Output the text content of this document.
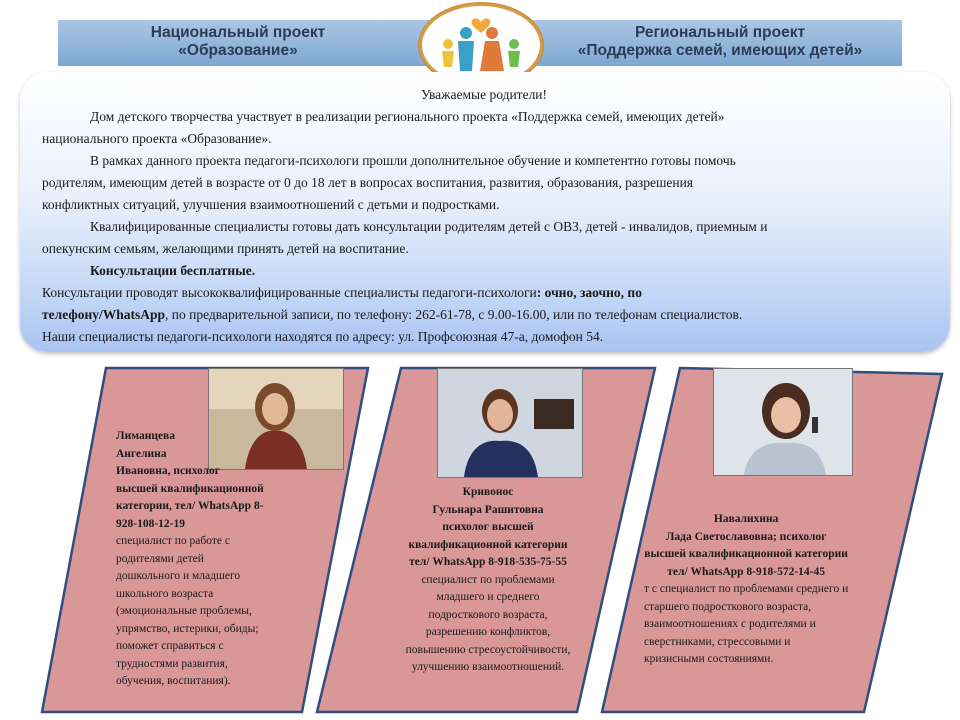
Национальный проект
«Образование»
Региональный проект
«Поддержка семей, имеющих детей»

Уважаемые родители!

Дом детского творчества участвует в реализации регионального проекта «Поддержка семей, имеющих детей»

национального проекта «Образование».

В рамках данного проекта педагоги-психологи прошли дополнительное обучение и компетентно готовы помочь

родителям, имеющим детей в возрасте от 0 до 18 лет в вопросах воспитания, развития, образования, разрешения

конфликтных ситуаций, улучшения взаимоотношений с детьми и подростками.

Квалифицированные специалисты готовы дать консультации родителям детей с ОВЗ, детей - инвалидов, приемным и

опекунским семьям, желающими принять детей на воспитание.

Консультации бесплатные.

Консультации проводят высококвалифицированные специалисты педагоги-психологи: очно, заочно, по

телефону/WhatsApp, по предварительной записи, по телефону: 262-61-78, с 9.00-16.00, или по телефонам специалистов.

Наши специалисты педагоги-психологи находятся по адресу: ул. Профсоюзная 47-а, домофон 54.

Лиманцева
Ангелина
Ивановна, психолог
высшей квалификационной
категории, тел/ WhatsApp 8-
928-108-12-19
специалист по работе с
родителями детей
дошкольного и младшего
школьного возраста
(эмоциональные проблемы,
упрямство, истерики, обиды;
поможет справиться с
трудностями развития,
обучения, воспитания).
Кривонос
Гульнара Рашитовна
психолог высшей
квалификационной категории
тел/ WhatsApp 8-918-535-75-55
специалист по проблемами
младшего и среднего
подросткового возраста,
разрешению конфликтов,
повышению стресоустойчивости,
улучшению взаимоотношений.
Навалихина
Лада Светославовна; психолог
высшей квалификационной категории
тел/ WhatsApp 8-918-572-14-45
т с специалист по проблемами среднего и
старшего подросткового возраста,
взаимоотношениях с родителями и
сверстниками, стрессовыми и
кризисными состояниями.
